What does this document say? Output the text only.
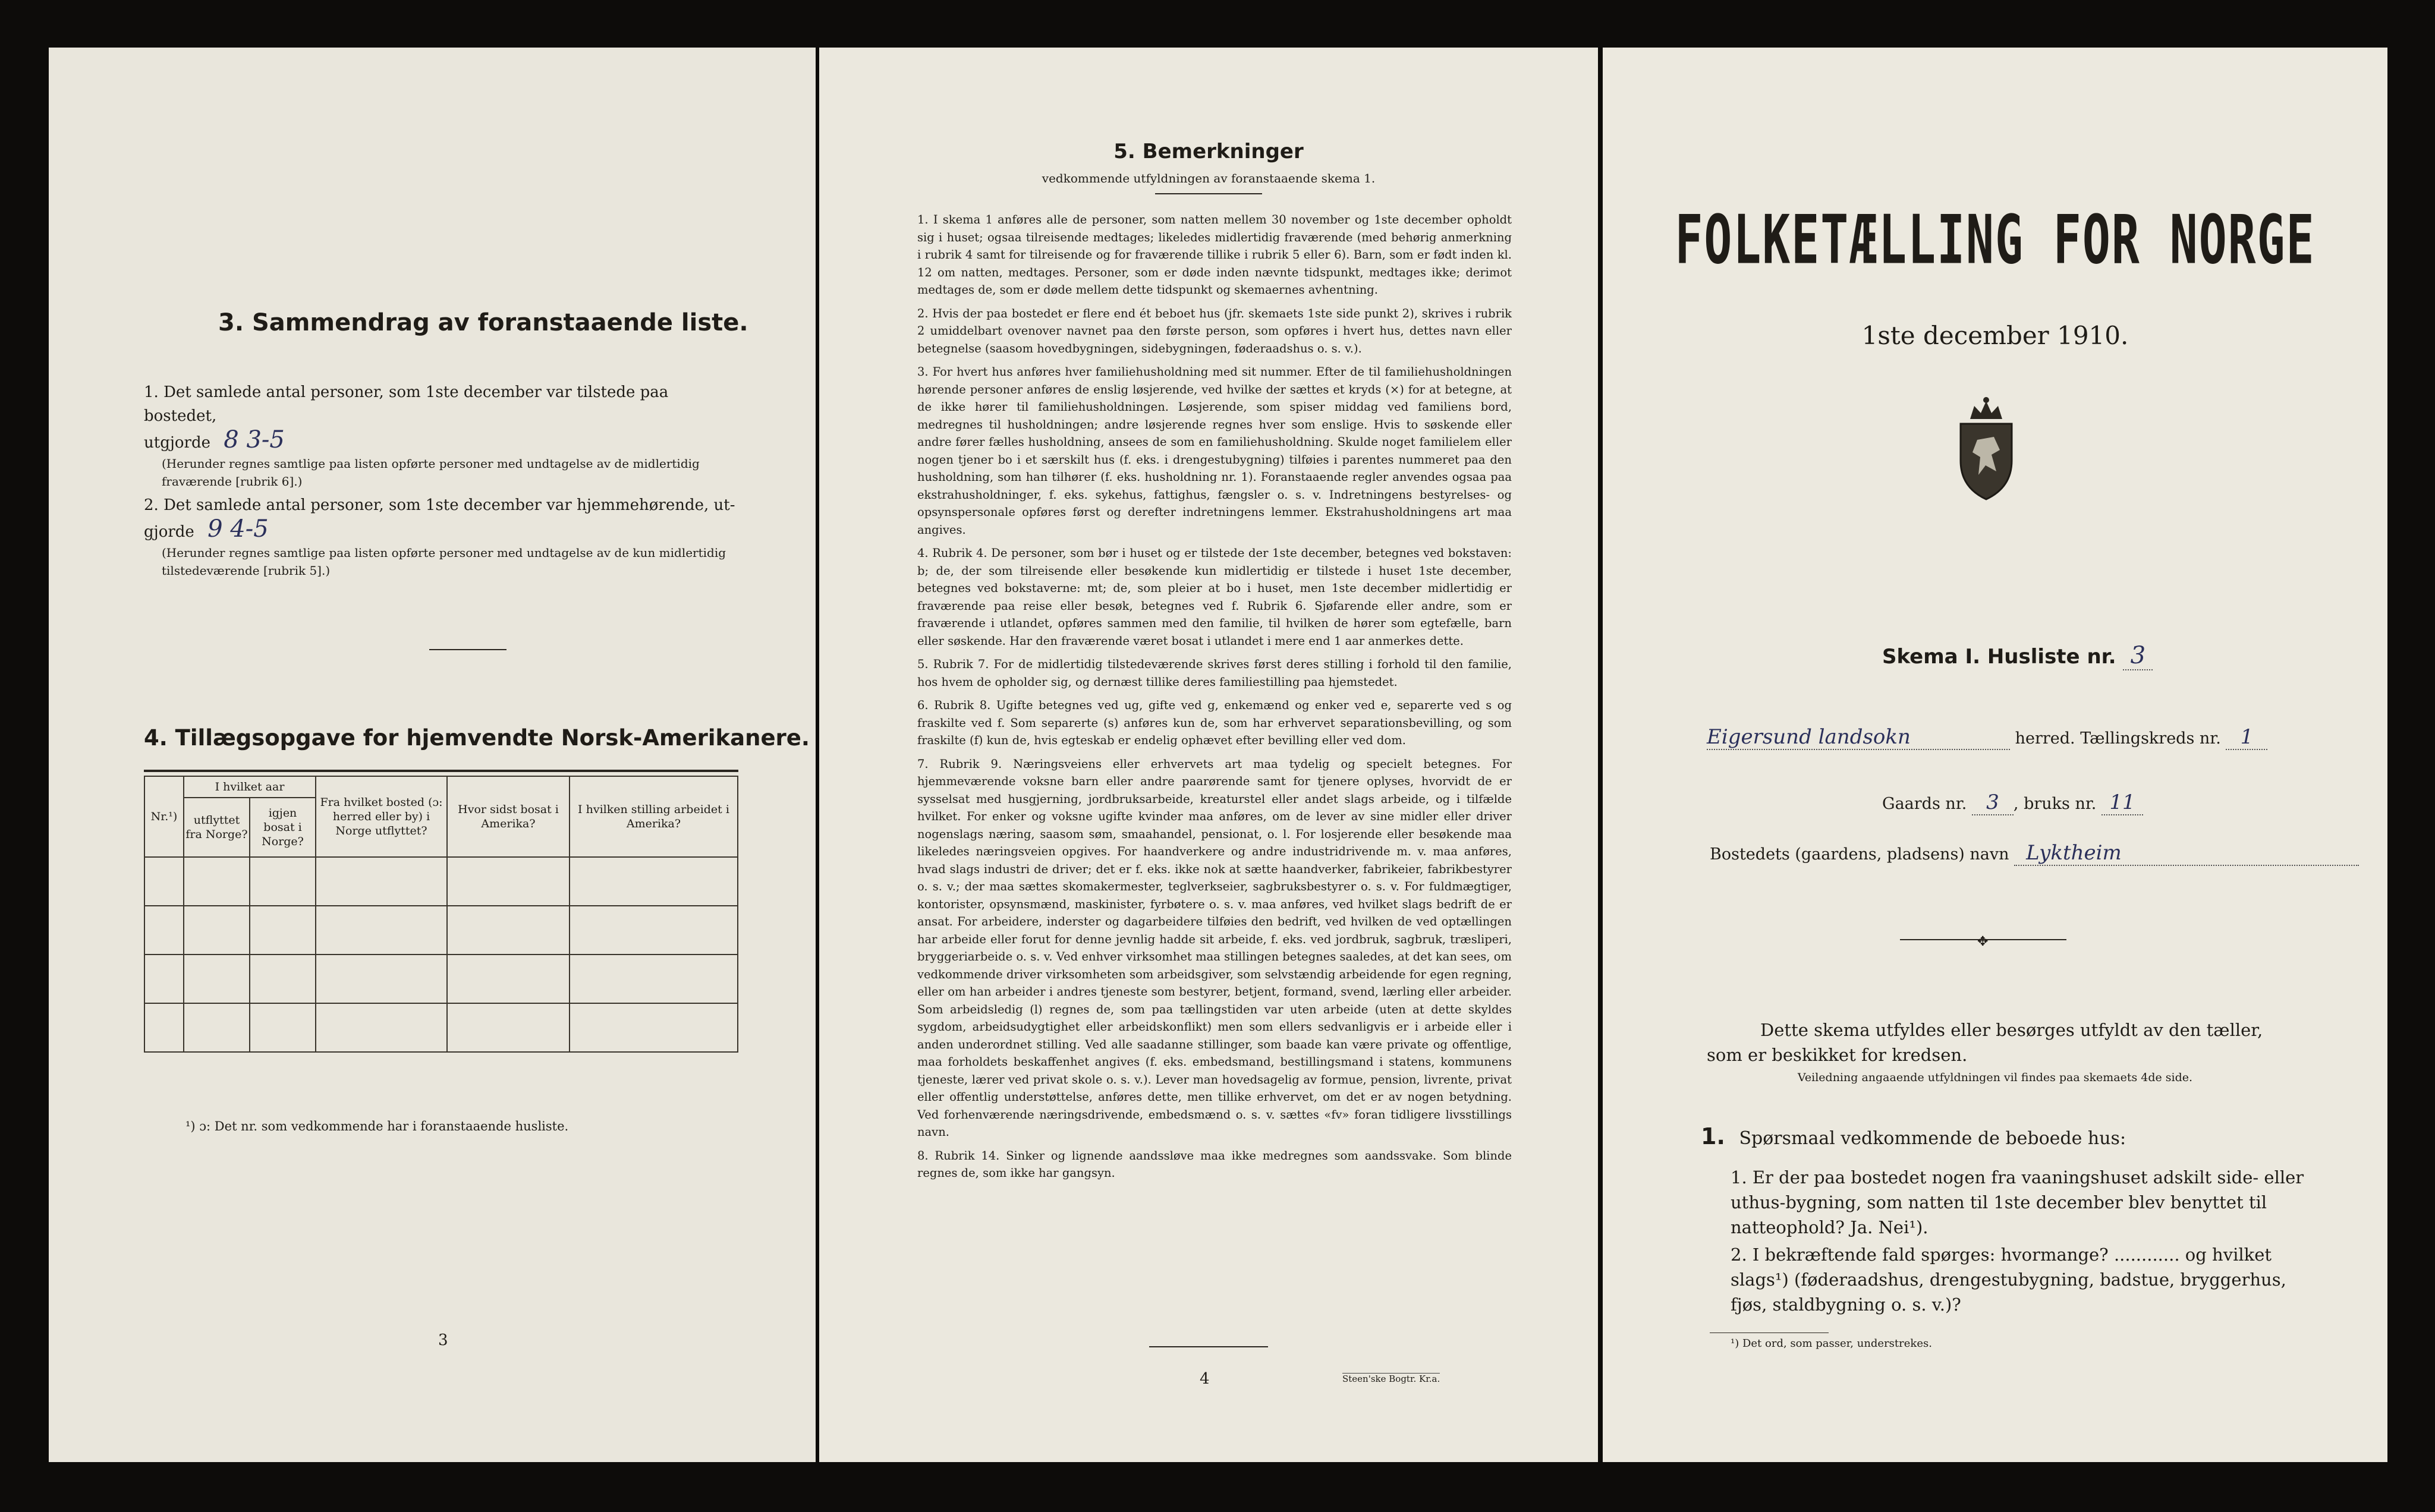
3. Sammendrag av foranstaaende liste.
1. Det samlede antal personer, som 1ste december var tilstede paa bostedet,
utgjorde 8 3-5
(Herunder regnes samtlige paa listen opførte personer med undtagelse av de midlertidig fraværende [rubrik 6].)
2. Det samlede antal personer, som 1ste december var hjemmehørende, ut-
gjorde 9 4-5
(Herunder regnes samtlige paa listen opførte personer med undtagelse av de kun midlertidig tilstedeværende [rubrik 5].)
4. Tillægsopgave for hjemvendte Norsk-Amerikanere.
Nr.¹)	I hvilket aar		Fra hvilket bosted (ɔ: herred eller by) i Norge utflyttet?	Hvor sidst bosat i Amerika?	I hvilken stilling arbeidet i Amerika?
	utflyttet fra Norge?	igjen bosat i Norge?			

¹) ɔ: Det nr. som vedkommende har i foranstaaende husliste.
3
5. Bemerkninger
vedkommende utfyldningen av foranstaaende skema 1.

1. I skema 1 anføres alle de personer, som natten mellem 30 november og 1ste december opholdt sig i huset; ogsaa tilreisende medtages; likeledes midlertidig fraværende (med behørig anmerkning i rubrik 4 samt for tilreisende og for fraværende tillike i rubrik 5 eller 6). Barn, som er født inden kl. 12 om natten, medtages. Personer, som er døde inden nævnte tidspunkt, medtages ikke; derimot medtages de, som er døde mellem dette tidspunkt og skemaernes avhentning.

2. Hvis der paa bostedet er flere end ét beboet hus (jfr. skemaets 1ste side punkt 2), skrives i rubrik 2 umiddelbart ovenover navnet paa den første person, som opføres i hvert hus, dettes navn eller betegnelse (saasom hovedbygningen, sidebygningen, føderaadshus o. s. v.).

3. For hvert hus anføres hver familiehusholdning med sit nummer. Efter de til familiehusholdningen hørende personer anføres de enslig løsjerende, ved hvilke der sættes et kryds (×) for at betegne, at de ikke hører til familiehusholdningen. Løsjerende, som spiser middag ved familiens bord, medregnes til husholdningen; andre løsjerende regnes hver som enslige. Hvis to søskende eller andre fører fælles husholdning, ansees de som en familiehusholdning. Skulde noget familielem eller nogen tjener bo i et særskilt hus (f. eks. i drengestubygning) tilføies i parentes nummeret paa den husholdning, som han tilhører (f. eks. husholdning nr. 1). Foranstaaende regler anvendes ogsaa paa ekstrahusholdninger, f. eks. sykehus, fattighus, fængsler o. s. v. Indretningens bestyrelses- og opsynspersonale opføres først og derefter indretningens lemmer. Ekstrahusholdningens art maa angives.

4. Rubrik 4. De personer, som bør i huset og er tilstede der 1ste december, betegnes ved bokstaven: b; de, der som tilreisende eller besøkende kun midlertidig er tilstede i huset 1ste december, betegnes ved bokstaverne: mt; de, som pleier at bo i huset, men 1ste december midlertidig er fraværende paa reise eller besøk, betegnes ved f. Rubrik 6. Sjøfarende eller andre, som er fraværende i utlandet, opføres sammen med den familie, til hvilken de hører som egtefælle, barn eller søskende. Har den fraværende været bosat i utlandet i mere end 1 aar anmerkes dette.

5. Rubrik 7. For de midlertidig tilstedeværende skrives først deres stilling i forhold til den familie, hos hvem de opholder sig, og dernæst tillike deres familiestilling paa hjemstedet.

6. Rubrik 8. Ugifte betegnes ved ug, gifte ved g, enkemænd og enker ved e, separerte ved s og fraskilte ved f. Som separerte (s) anføres kun de, som har erhvervet separationsbevilling, og som fraskilte (f) kun de, hvis egteskab er endelig ophævet efter bevilling eller ved dom.

7. Rubrik 9. Næringsveiens eller erhvervets art maa tydelig og specielt betegnes. For hjemmeværende voksne barn eller andre paarørende samt for tjenere oplyses, hvorvidt de er sysselsat med husgjerning, jordbruksarbeide, kreaturstel eller andet slags arbeide, og i tilfælde hvilket. For enker og voksne ugifte kvinder maa anføres, om de lever av sine midler eller driver nogenslags næring, saasom søm, smaahandel, pensionat, o. l. For losjerende eller besøkende maa likeledes næringsveien opgives. For haandverkere og andre industridrivende m. v. maa anføres, hvad slags industri de driver; det er f. eks. ikke nok at sætte haandverker, fabrikeier, fabrikbestyrer o. s. v.; der maa sættes skomakermester, teglverkseier, sagbruksbestyrer o. s. v. For fuldmægtiger, kontorister, opsynsmænd, maskinister, fyrbøtere o. s. v. maa anføres, ved hvilket slags bedrift de er ansat. For arbeidere, inderster og dagarbeidere tilføies den bedrift, ved hvilken de ved optællingen har arbeide eller forut for denne jevnlig hadde sit arbeide, f. eks. ved jordbruk, sagbruk, træsliperi, bryggeriarbeide o. s. v. Ved enhver virksomhet maa stillingen betegnes saaledes, at det kan sees, om vedkommende driver virksomheten som arbeidsgiver, som selvstændig arbeidende for egen regning, eller om han arbeider i andres tjeneste som bestyrer, betjent, formand, svend, lærling eller arbeider. Som arbeidsledig (l) regnes de, som paa tællingstiden var uten arbeide (uten at dette skyldes sygdom, arbeidsudygtighet eller arbeidskonflikt) men som ellers sedvanligvis er i arbeide eller i anden underordnet stilling. Ved alle saadanne stillinger, som baade kan være private og offentlige, maa forholdets beskaffenhet angives (f. eks. embedsmand, bestillingsmand i statens, kommunens tjeneste, lærer ved privat skole o. s. v.). Lever man hovedsagelig av formue, pension, livrente, privat eller offentlig understøttelse, anføres dette, men tillike erhvervet, om det er av nogen betydning. Ved forhenværende næringsdrivende, embedsmænd o. s. v. sættes «fv» foran tidligere livsstillings navn.

8. Rubrik 14. Sinker og lignende aandssløve maa ikke medregnes som aandssvake. Som blinde regnes de, som ikke har gangsyn.

4	Steen'ske Bogtr. Kr.a.
FOLKETÆLLING FOR NORGE
1ste december 1910.
Skema I. Husliste nr. 3
Eigersund landsokn	herred. Tællingskreds nr. 1
Gaards nr. 3 , bruks nr. 11
Bostedets (gaardens, pladsens) navn Lyktheim
✥
Dette skema utfyldes eller besørges utfyldt av den tæller, som er beskikket for kredsen.
Veiledning angaaende utfyldningen vil findes paa skemaets 4de side.
1. Spørsmaal vedkommende de beboede hus:
1. Er der paa bostedet nogen fra vaaningshuset adskilt side- eller uthus-bygning, som natten til 1ste december blev benyttet til natteophold? Ja. Nei¹).
2. I bekræftende fald spørges: hvormange? ............ og hvilket slags¹) (føderaadshus, drengestubygning, badstue, bryggerhus, fjøs, staldbygning o. s. v.)?
¹) Det ord, som passer, understrekes.
